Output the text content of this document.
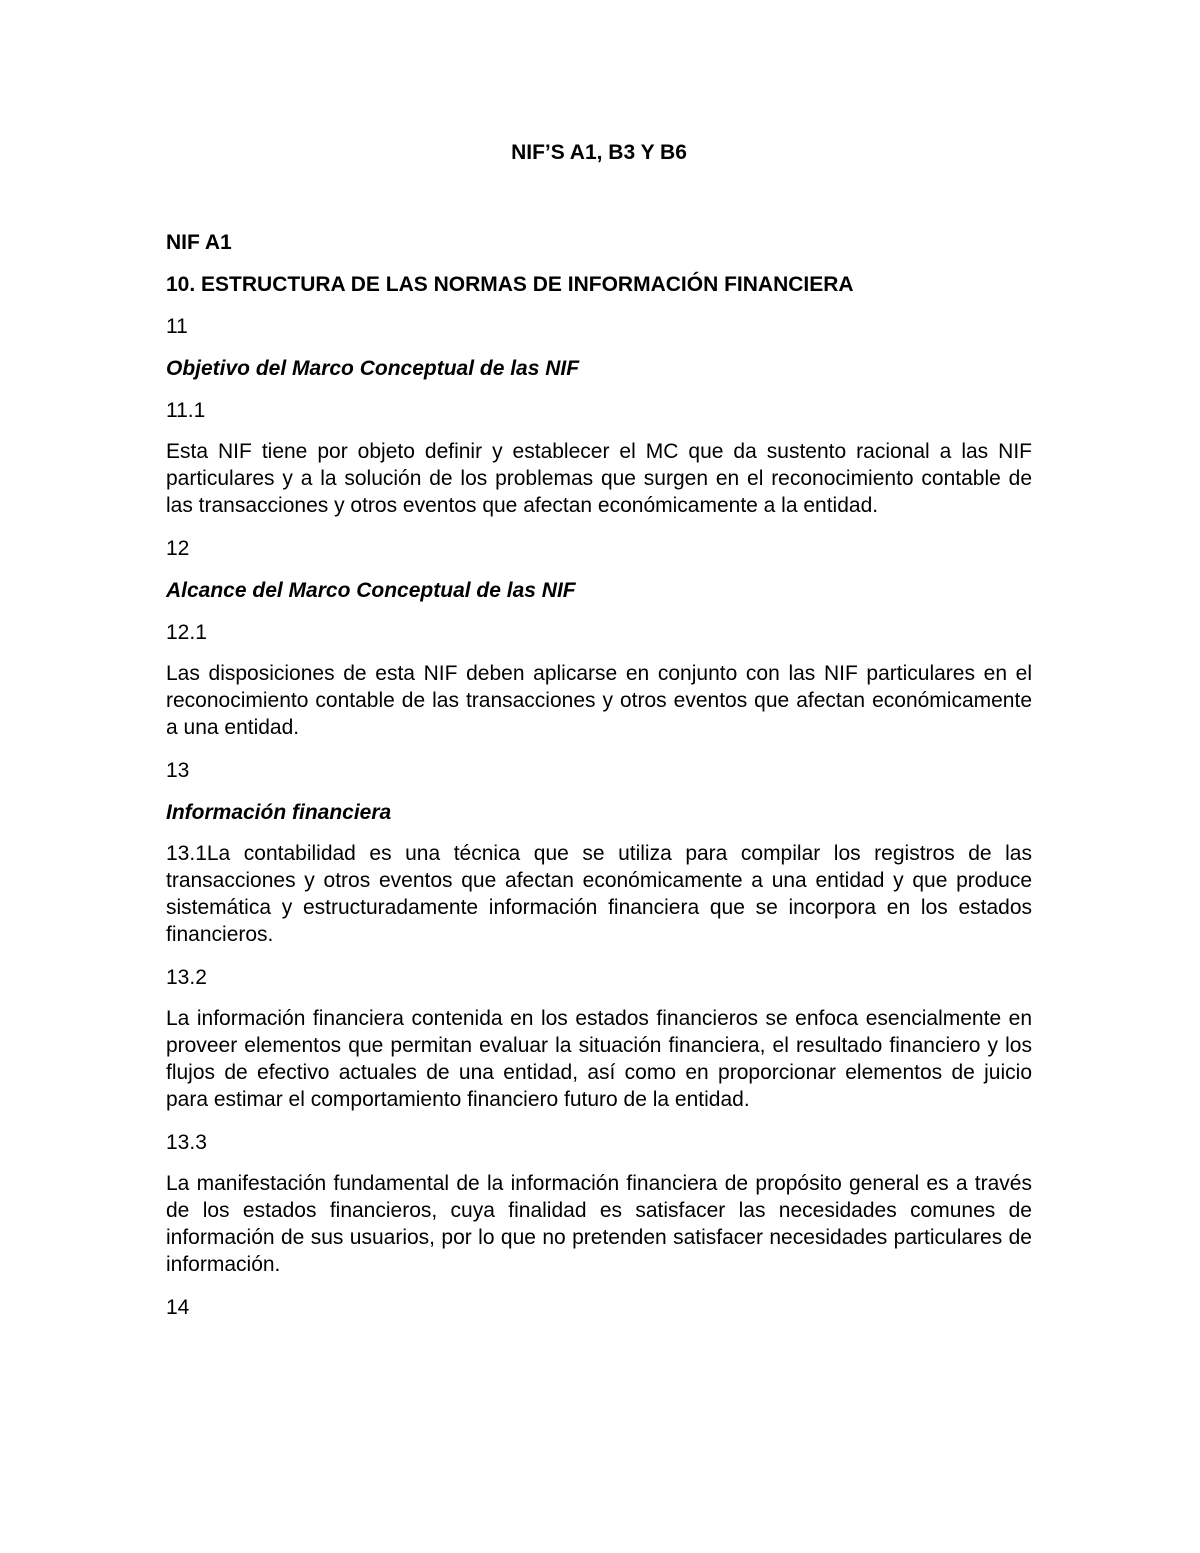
NIF’S A1, B3 Y B6
NIF A1
10. ESTRUCTURA DE LAS NORMAS DE INFORMACIÓN FINANCIERA
11
Objetivo del Marco Conceptual de las NIF
11.1
Esta NIF tiene por objeto definir y establecer el MC que da sustento racional a las NIF particulares y a la solución de los problemas que surgen en el reconocimiento contable de las transacciones y otros eventos que afectan económicamente a la entidad.
12
Alcance del Marco Conceptual de las NIF
12.1
Las disposiciones de esta NIF deben aplicarse en conjunto con las NIF particulares en el reconocimiento contable de las transacciones y otros eventos que afectan económicamente a una entidad.
13
Información financiera
13.1La contabilidad es una técnica que se utiliza para compilar los registros de las transacciones y otros eventos que afectan económicamente a una entidad y que produce sistemática y estructuradamente información financiera que se incorpora en los estados financieros.
13.2
La información financiera contenida en los estados financieros se enfoca esencialmente en proveer elementos que permitan evaluar la situación financiera, el resultado financiero y los flujos de efectivo actuales de una entidad, así como en proporcionar elementos de juicio para estimar el comportamiento financiero futuro de la entidad.
13.3
La manifestación fundamental de la información financiera de propósito general es a través de los estados financieros, cuya finalidad es satisfacer las necesidades comunes de información de sus usuarios, por lo que no pretenden satisfacer necesidades particulares de información.
14
